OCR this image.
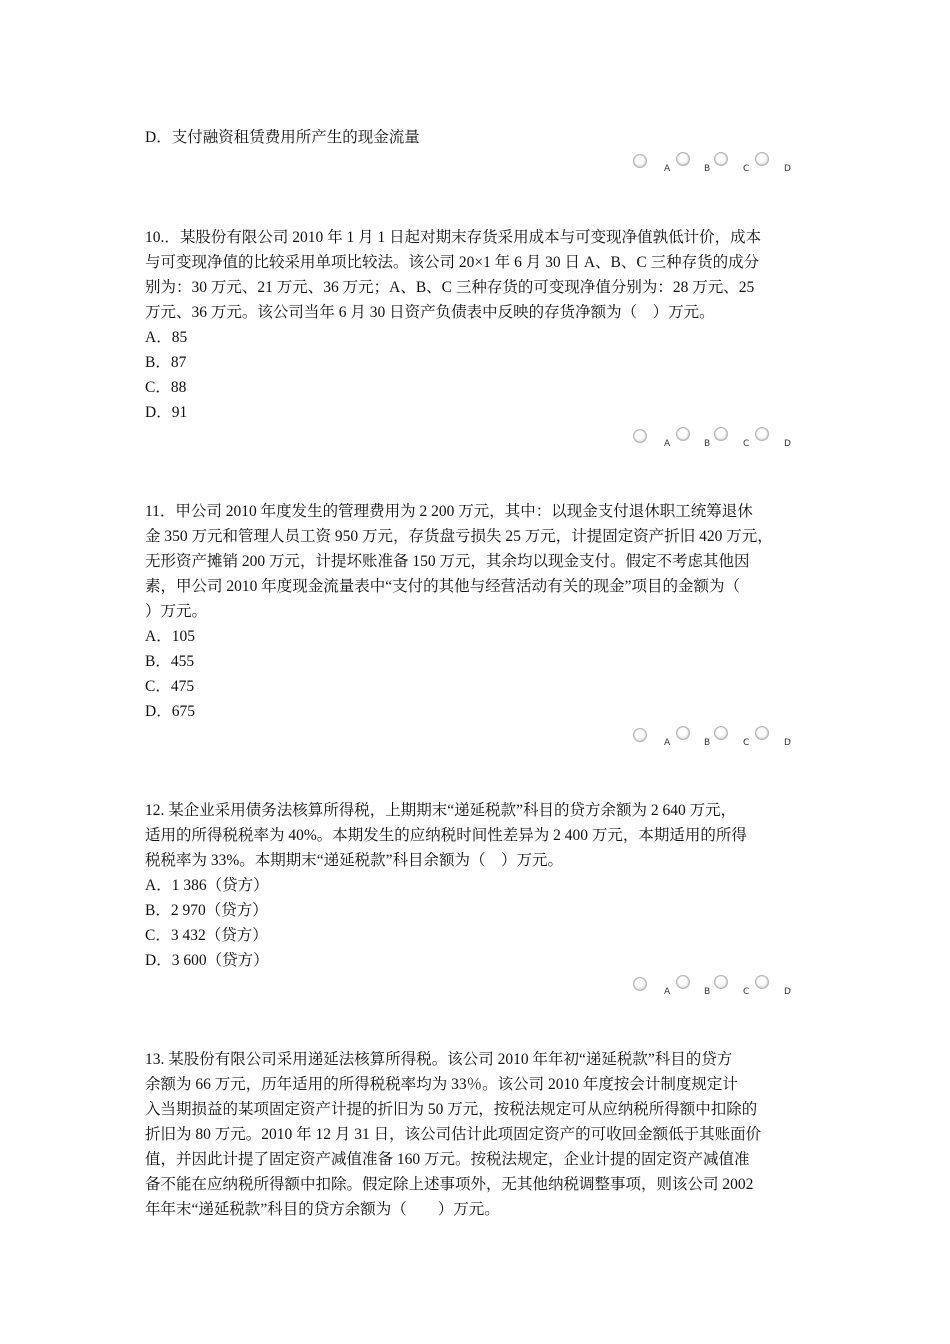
D．支付融资租赁费用所产生的现金流量
A	B	C	D
10.．某股份有限公司 2010 年 1 月 1 日起对期末存货采用成本与可变现净值孰低计价，成本
与可变现净值的比较采用单项比较法。该公司 20×1 年 6 月 30 日 A、B、C 三种存货的成分
别为：30 万元、21 万元、36 万元；A、B、C 三种存货的可变现净值分别为：28 万元、25
万元、36 万元。该公司当年 6 月 30 日资产负债表中反映的存货净额为（　）万元。
A．85
B．87
C．88
D．91
A	B	C	D
11．甲公司 2010 年度发生的管理费用为 2 200 万元，其中：以现金支付退休职工统筹退休
金 350 万元和管理人员工资 950 万元，存货盘亏损失 25 万元，计提固定资产折旧 420 万元，
无形资产摊销 200 万元，计提坏账准备 150 万元，其余均以现金支付。假定不考虑其他因
素，甲公司 2010 年度现金流量表中“支付的其他与经营活动有关的现金”项目的金额为（
）万元。
A．105
B．455
C．475
D．675
A	B	C	D
12. 某企业采用债务法核算所得税，上期期末“递延税款”科目的贷方余额为 2 640 万元，
适用的所得税税率为 40%。本期发生的应纳税时间性差异为 2 400 万元，本期适用的所得
税税率为 33%。本期期末“递延税款”科目余额为（　）万元。
A．1 386（贷方）
B．2 970（贷方）
C．3 432（贷方）
D．3 600（贷方）
A	B	C	D
13. 某股份有限公司采用递延法核算所得税。该公司 2010 年年初“递延税款”科目的贷方
余额为 66 万元，历年适用的所得税税率均为 33％。该公司 2010 年度按会计制度规定计
入当期损益的某项固定资产计提的折旧为 50 万元，按税法规定可从应纳税所得额中扣除的
折旧为 80 万元。2010 年 12 月 31 日，该公司估计此项固定资产的可收回金额低于其账面价
值，并因此计提了固定资产减值准备 160 万元。按税法规定，企业计提的固定资产减值准
备不能在应纳税所得额中扣除。假定除上述事项外，无其他纳税调整事项，则该公司 2002
年年末“递延税款”科目的贷方余额为（　　）万元。
